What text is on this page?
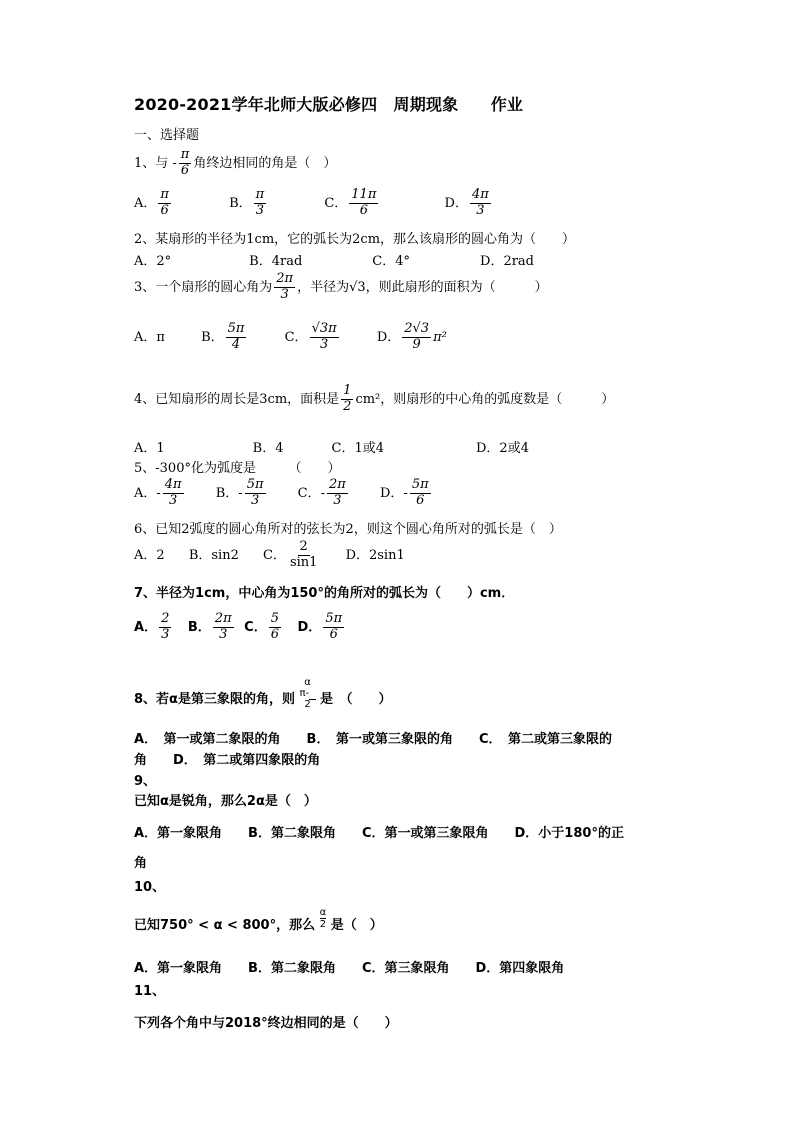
2020-2021学年北师大版必修四　周期现象　　作业
一、选择题
1、与 - $\frac{\pi}{6}$ 角终边相同的角是（　）
A． $\frac{\pi}{6}$	B． $\frac{\pi}{3}$	C． $\frac{11\pi}{6}$	D． $\frac{4\pi}{3}$
2、某扇形的半径为1cm，它的弧长为2cm，那么该扇形的圆心角为（　　）
A．2°	B．4rad	C．4°	D．2rad
3、一个扇形的圆心角为 $\frac{2\pi}{3}$ ，半径为√3，则此扇形的面积为（　　　）
A．π	B． $\frac{5\pi}{4}$	C． $\frac{√3\pi}{3}$	D． $\frac{2√3}{9} \pi^2$
4、已知扇形的周长是3cm，面积是 $\frac{1}{2} cm^2$，则扇形的中心角的弧度数是（　　　）
A．1	B．4	C．1或4	D．2或4
5、-300°化为弧度是　　　（　　）
A．- $\frac{4\pi}{3}$ B．- $\frac{5\pi}{3}$ C．- $\frac{2\pi}{3}$ D．- $\frac{5\pi}{6}$
6、已知2弧度的圆心角所对的弦长为2，则这个圆心角所对的弧长是（　）
A．2 B．sin2 C． $\frac{2}{\sin 1}$ D．2sin1
7、半径为1cm，中心角为150°的角所对的弧长为（　　）cm．
A． $\frac{2}{3}$ B． $\frac{2\pi}{3}$ C． $\frac{5}{6}$ D． $\frac{5\pi}{6}$
8、若α是第三象限的角，则
α
π-
2 是　（　　）
A．　第一或第二象限的角　　B．　第一或第三象限的角　　C．　第二或第三象限的
角　　D．　第二或第四象限的角
9、
已知α是锐角，那么2α是（　）
A．第一象限角　　B．第二象限角　　C．第一或第三象限角　　D．小于180°的正
角
10、
已知750° < α < 800°，那么 $\frac{\alpha}{2}$ 是（　）
A．第一象限角　　B．第二象限角　　C．第三象限角　　D．第四象限角
11、
下列各个角中与2018°终边相同的是（　　）
